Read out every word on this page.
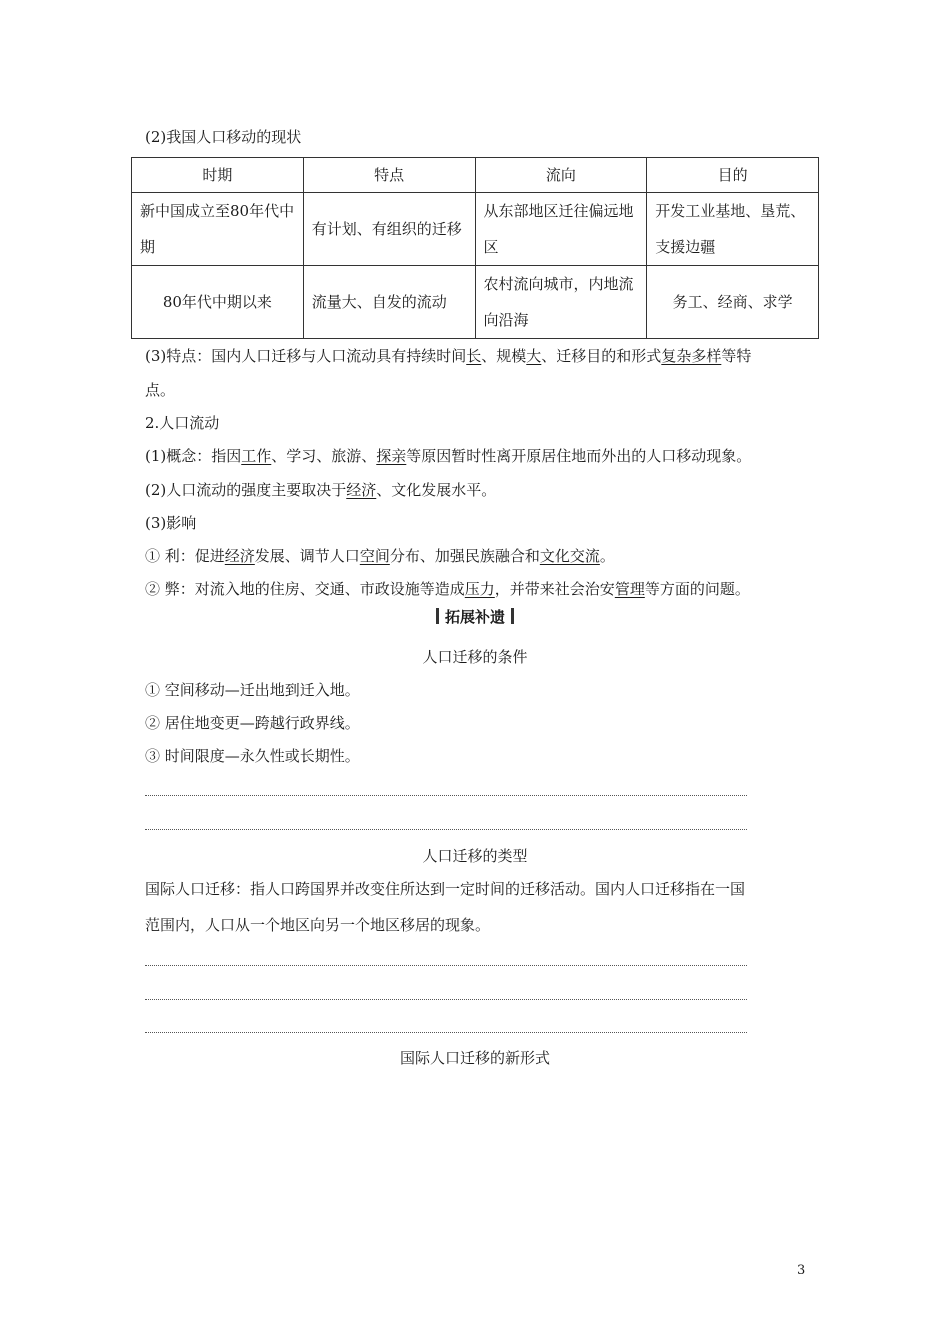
(2)我国人口移动的现状
时期	特点	流向	目的
新中国成立至80年代中期	有计划、有组织的迁移	从东部地区迁往偏远地区	开发工业基地、垦荒、支援边疆
80年代中期以来	流量大、自发的流动	农村流向城市，内地流向沿海	务工、经商、求学
(3)特点：国内人口迁移与人口流动具有持续时间长、规模大、迁移目的和形式复杂多样等特
点。
2.人口流动
(1)概念：指因工作、学习、旅游、探亲等原因暂时性离开原居住地而外出的人口移动现象。
(2)人口流动的强度主要取决于经济、文化发展水平。
(3)影响
① 利：促进经济发展、调节人口空间分布、加强民族融合和文化交流。
② 弊：对流入地的住房、交通、市政设施等造成压力，并带来社会治安管理等方面的问题。
拓展补遗
人口迁移的条件
① 空间移动—迁出地到迁入地。
② 居住地变更—跨越行政界线。
③ 时间限度—永久性或长期性。
人口迁移的类型
国际人口迁移：指人口跨国界并改变住所达到一定时间的迁移活动。国内人口迁移指在一国
范围内，人口从一个地区向另一个地区移居的现象。
国际人口迁移的新形式
3
